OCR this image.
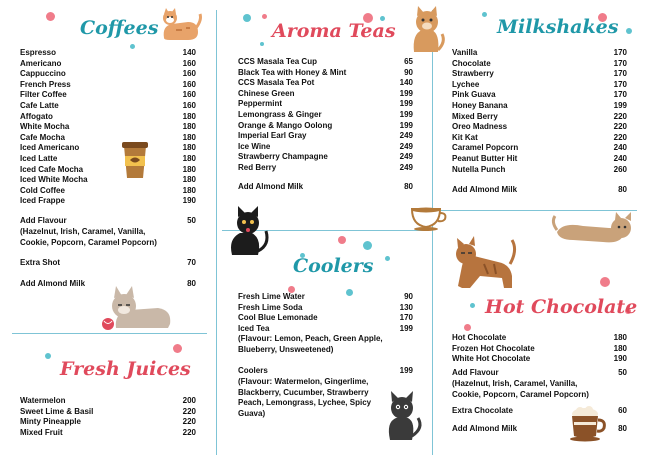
Coffees
Espresso	140
Americano	160
Cappuccino	160
French Press	160
Filter Coffee	160
Cafe Latte	160
Affogato	180
White Mocha	180
Cafe Mocha	180
Iced Americano	180
Iced Latte	180
Iced Cafe Mocha	180
Iced White Mocha	180
Cold Coffee	180
Iced Frappe	190
Add Flavour	50
(Hazelnut, Irish, Caramel, Vanilla, Cookie, Popcorn, Caramel Popcorn)
Extra Shot	70
Add Almond Milk	80
Fresh Juices
Watermelon	200
Sweet Lime & Basil	220
Minty Pineapple	220
Mixed Fruit	220
Aroma Teas
CCS Masala Tea Cup	65
Black Tea with Honey & Mint	90
CCS Masala Tea Pot	140
Chinese Green	199
Peppermint	199
Lemongrass & Ginger	199
Orange & Mango Oolong	199
Imperial Earl Gray	249
Ice Wine	249
Strawberry Champagne	249
Red Berry	249
Add Almond Milk	80
Coolers
Fresh Lime Water	90
Fresh Lime Soda	130
Cool Blue Lemonade	170
Iced Tea	199
(Flavour: Lemon, Peach, Green Apple, Blueberry, Unsweetened)
Coolers	199
(Flavour: Watermelon, Gingerlime, Blackberry, Cucumber, Strawberry Peach, Lemongrass, Lychee, Spicy Guava)
Milkshakes
Vanilla	170
Chocolate	170
Strawberry	170
Lychee	170
Pink Guava	170
Honey Banana	199
Mixed Berry	220
Oreo Madness	220
Kit Kat	220
Caramel Popcorn	240
Peanut Butter Hit	240
Nutella Punch	260
Add Almond Milk	80
Hot Chocolate
Hot Chocolate	180
Frozen Hot Chocolate	180
White Hot Chocolate	190
Add Flavour	50
(Hazelnut, Irish, Caramel, Vanilla, Cookie, Popcorn, Caramel Popcorn)
Extra Chocolate	60
Add Almond Milk	80
